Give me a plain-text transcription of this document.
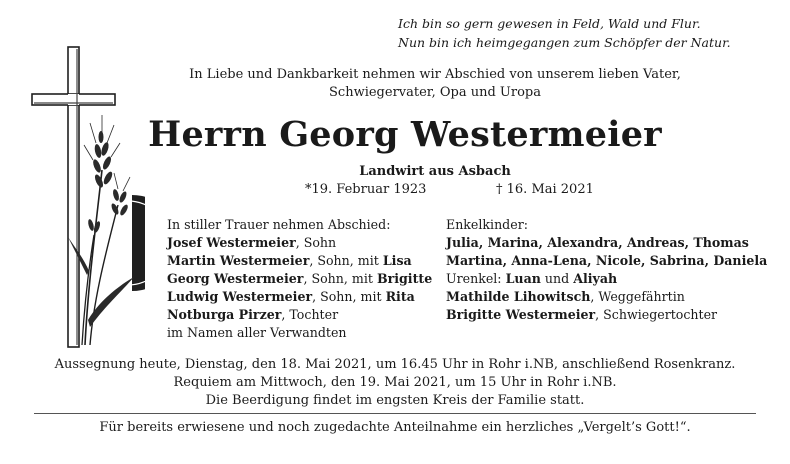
Ich bin so gern gewesen in Feld, Wald und Flur.
Nun bin ich heimgegangen zum Schöpfer der Natur.
In Liebe und Dankbarkeit nehmen wir Abschied von unserem lieben Vater,
Schwiegervater, Opa und Uropa
Herrn Georg Westermeier
Landwirt aus Asbach
*19. Februar 1923	† 16. Mai 2021
In stiller Trauer nehmen Abschied:
Josef Westermeier, Sohn
Martin Westermeier, Sohn, mit Lisa
Georg Westermeier, Sohn, mit Brigitte
Ludwig Westermeier, Sohn, mit Rita
Notburga Pirzer, Tochter
im Namen aller Verwandten
Enkelkinder:
Julia, Marina, Alexandra, Andreas, Thomas
Martina, Anna-Lena, Nicole, Sabrina, Daniela
Urenkel: Luan und Aliyah
Mathilde Lihowitsch, Weggefährtin
Brigitte Westermeier, Schwiegertochter
Aussegnung heute, Dienstag, den 18. Mai 2021, um 16.45 Uhr in Rohr i.NB, anschließend Rosenkranz.
Requiem am Mittwoch, den 19. Mai 2021, um 15 Uhr in Rohr i.NB.
Die Beerdigung findet im engsten Kreis der Familie statt.
Für bereits erwiesene und noch zugedachte Anteilnahme ein herzliches „Vergelt’s Gott!“.
